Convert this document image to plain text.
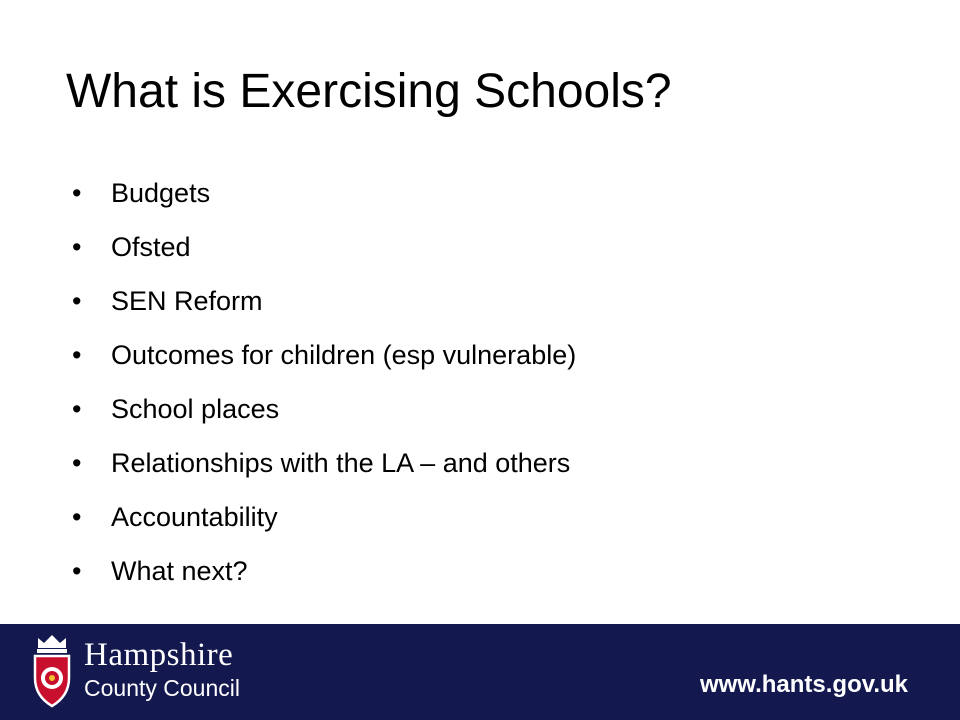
What is Exercising Schools?
•	Budgets
•	Ofsted
•	SEN Reform
•	Outcomes for children (esp vulnerable)
•	School places
•	Relationships with the LA – and others
•	Accountability
•	What next?
Hampshire
County Council	www.hants.gov.uk
